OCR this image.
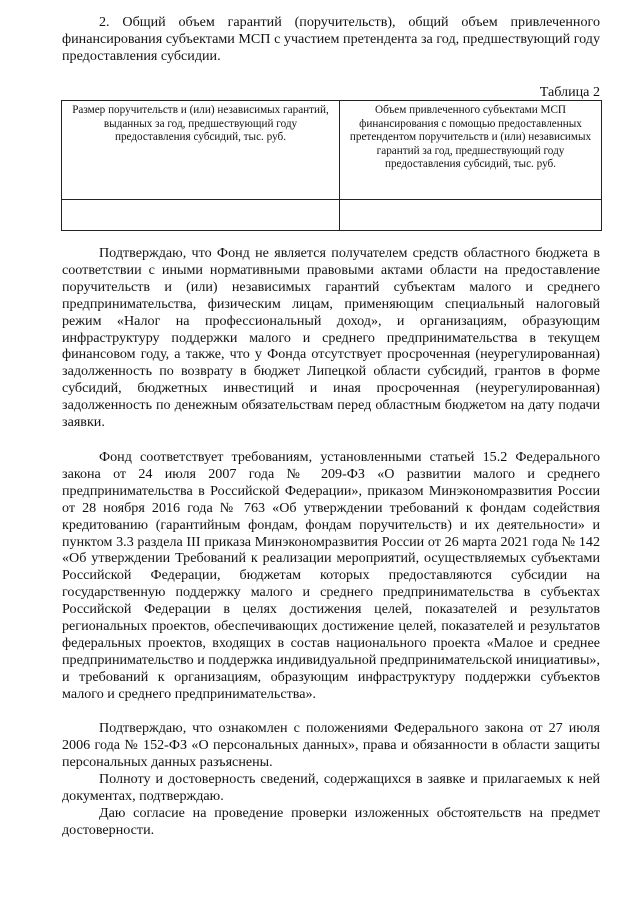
2. Общий объем гарантий (поручительств), общий объем привлеченного финансирования субъектами МСП с участием претендента за год, предшествующий году предоставления субсидии.

Таблица 2
Размер поручительств и (или) независимых гарантий, выданных за год, предшествующий году предоставления субсидий, тыс. руб.	Объем привлеченного субъектами МСП финансирования с помощью предоставленных претендентом поручительств и (или) независимых гарантий за год, предшествующий году предоставления субсидий, тыс. руб.

Подтверждаю, что Фонд не является получателем средств областного бюджета в соответствии с иными нормативными правовыми актами области на предоставление поручительств и (или) независимых гарантий субъектам малого и среднего предпринимательства, физическим лицам, применяющим специальный налоговый режим «Налог на профессиональный доход», и организациям, образующим инфраструктуру поддержки малого и среднего предпринимательства в текущем финансовом году, а также, что у Фонда отсутствует просроченная (неурегулированная) задолженность по возврату в бюджет Липецкой области субсидий, грантов в форме субсидий, бюджетных инвестиций и иная просроченная (неурегулированная) задолженность по денежным обязательствам перед областным бюджетом на дату подачи заявки.

Фонд соответствует требованиям, установленными статьей 15.2 Федерального закона от 24 июля 2007 года № 209-ФЗ «О развитии малого и среднего предпринимательства в Российской Федерации», приказом Минэкономразвития России от 28 ноября 2016 года № 763 «Об утверждении требований к фондам содействия кредитованию (гарантийным фондам, фондам поручительств) и их деятельности» и пунктом 3.3 раздела III приказа Минэкономразвития России от 26 марта 2021 года № 142 «Об утверждении Требований к реализации мероприятий, осуществляемых субъектами Российской Федерации, бюджетам которых предоставляются субсидии на государственную поддержку малого и среднего предпринимательства в субъектах Российской Федерации в целях достижения целей, показателей и результатов региональных проектов, обеспечивающих достижение целей, показателей и результатов федеральных проектов, входящих в состав национального проекта «Малое и среднее предпринимательство и поддержка индивидуальной предпринимательской инициативы», и требований к организациям, образующим инфраструктуру поддержки субъектов малого и среднего предпринимательства».

Подтверждаю, что ознакомлен с положениями Федерального закона от 27 июля 2006 года № 152-ФЗ «О персональных данных», права и обязанности в области защиты персональных данных разъяснены.

Полноту и достоверность сведений, содержащихся в заявке и прилагаемых к ней документах, подтверждаю.

Даю согласие на проведение проверки изложенных обстоятельств на предмет достоверности.
